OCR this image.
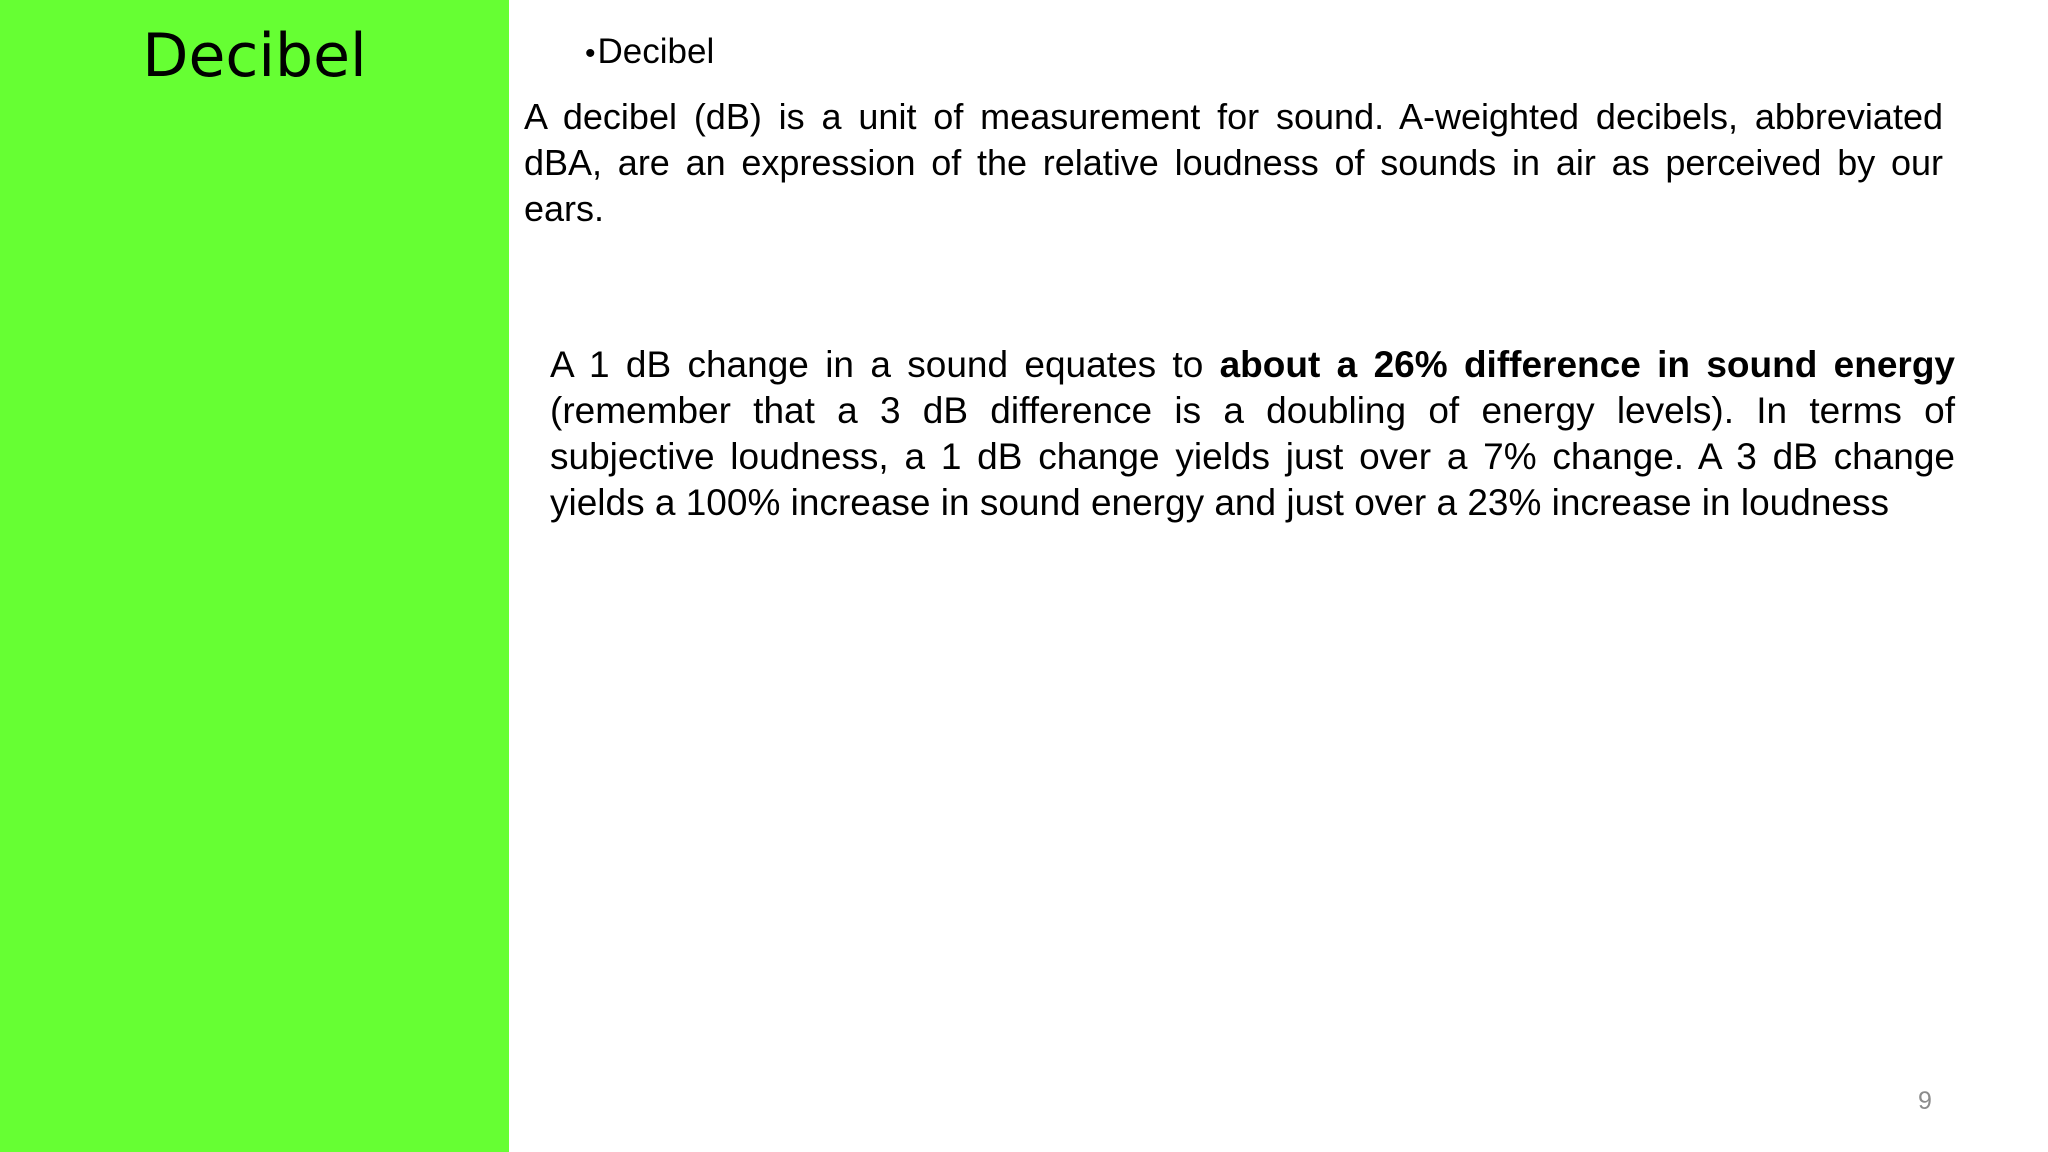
Decibel	•Decibel

A decibel (dB) is a unit of measurement for sound. A-weighted decibels, abbreviated dBA, are an expression of the relative loudness of sounds in air as perceived by our ears.

A 1 dB change in a sound equates to about a 26% difference in sound energy (remember that a 3 dB difference is a doubling of energy levels). In terms of subjective loudness, a 1 dB change yields just over a 7% change. A 3 dB change yields a 100% increase in sound energy and just over a 23% increase in loudness

9
